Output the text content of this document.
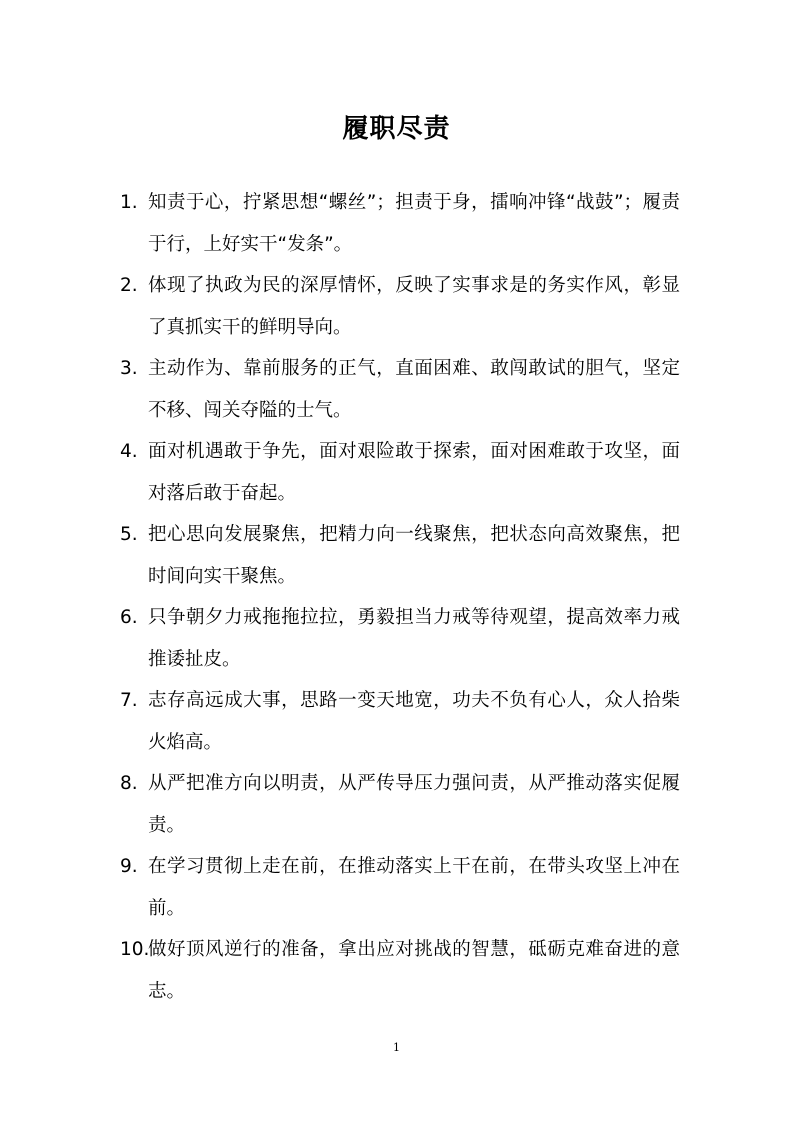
履职尽责
1. 知责于心，拧紧思想“螺丝”；担责于身，擂响冲锋“战鼓”；履责于行，上好实干“发条”。
2. 体现了执政为民的深厚情怀，反映了实事求是的务实作风，彰显了真抓实干的鲜明导向。
3. 主动作为、靠前服务的正气，直面困难、敢闯敢试的胆气，坚定不移、闯关夺隘的士气。
4. 面对机遇敢于争先，面对艰险敢于探索，面对困难敢于攻坚，面对落后敢于奋起。
5. 把心思向发展聚焦，把精力向一线聚焦，把状态向高效聚焦，把时间向实干聚焦。
6. 只争朝夕力戒拖拖拉拉，勇毅担当力戒等待观望，提高效率力戒推诿扯皮。
7. 志存高远成大事，思路一变天地宽，功夫不负有心人，众人拾柴火焰高。
8. 从严把准方向以明责，从严传导压力强问责，从严推动落实促履责。
9. 在学习贯彻上走在前，在推动落实上干在前，在带头攻坚上冲在前。
10.
做好顶风逆行的准备，拿出应对挑战的智慧，砥砺克难奋进的意志。
1
